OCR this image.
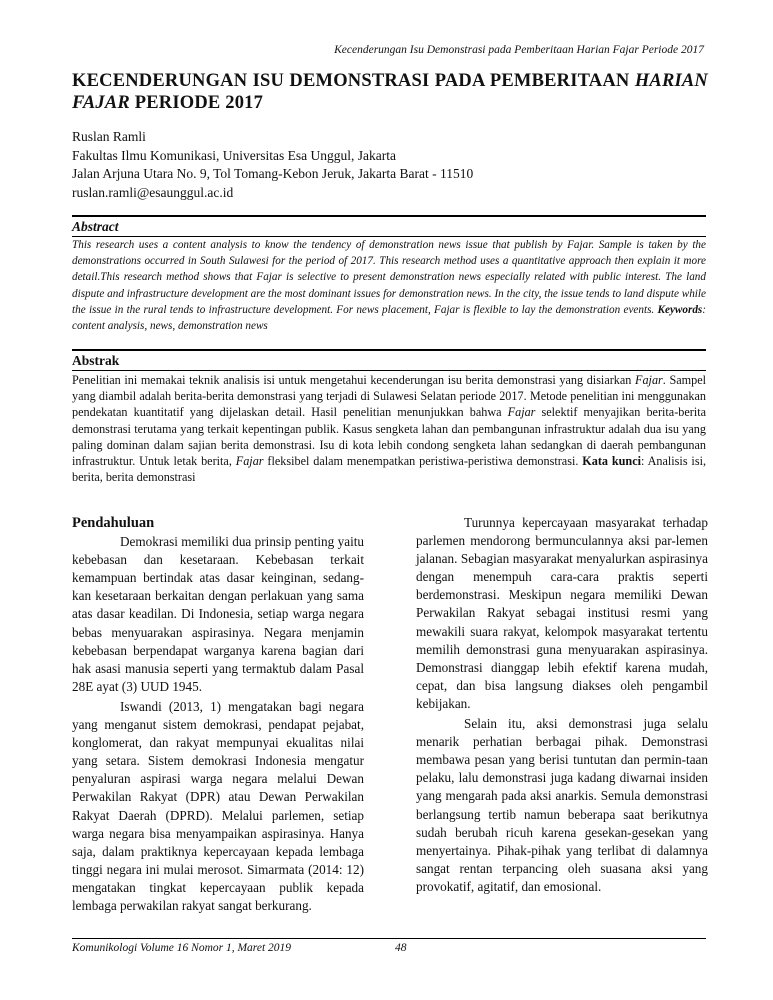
Kecenderungan Isu Demonstrasi pada Pemberitaan Harian Fajar Periode 2017
KECENDERUNGAN ISU DEMONSTRASI PADA PEMBERITAAN HARIAN FAJAR PERIODE 2017
Ruslan Ramli
Fakultas Ilmu Komunikasi, Universitas Esa Unggul, Jakarta
Jalan Arjuna Utara No. 9, Tol Tomang-Kebon Jeruk, Jakarta Barat - 11510
ruslan.ramli@esaunggul.ac.id
Abstract
This research uses a content analysis to know the tendency of demonstration news issue that publish by Fajar. Sample is taken by the demonstrations occurred in South Sulawesi for the period of 2017. This research method uses a quantitative approach then explain it more detail.This research method shows that Fajar is selective to present demonstration news especially related with public interest. The land dispute and infrastructure development are the most dominant issues for demonstration news. In the city, the issue tends to land dispute while the issue in the rural tends to infrastructure development. For news placement, Fajar is flexible to lay the demonstration events. Keywords: content analysis, news, demonstration news
Abstrak
Penelitian ini memakai teknik analisis isi untuk mengetahui kecenderungan isu berita demonstrasi yang disiarkan Fajar. Sampel yang diambil adalah berita-berita demonstrasi yang terjadi di Sulawesi Selatan periode 2017. Metode penelitian ini menggunakan pendekatan kuantitatif yang dijelaskan detail. Hasil penelitian menunjukkan bahwa Fajar selektif menyajikan berita-berita demonstrasi terutama yang terkait kepentingan publik. Kasus sengketa lahan dan pembangunan infrastruktur adalah dua isu yang paling dominan dalam sajian berita demonstrasi. Isu di kota lebih condong sengketa lahan sedangkan di daerah pembangunan infrastruktur. Untuk letak berita, Fajar fleksibel dalam menempatkan peristiwa-peristiwa demonstrasi. Kata kunci: Analisis isi, berita, berita demonstrasi
Pendahuluan

Demokrasi memiliki dua prinsip penting yaitu kebebasan dan kesetaraan. Kebebasan terkait kemampuan bertindak atas dasar keinginan, sedang-kan kesetaraan berkaitan dengan perlakuan yang sama atas dasar keadilan. Di Indonesia, setiap warga negara bebas menyuarakan aspirasinya. Negara menjamin kebebasan berpendapat warganya karena bagian dari hak asasi manusia seperti yang termaktub dalam Pasal 28E ayat (3) UUD 1945.

Iswandi (2013, 1) mengatakan bagi negara yang menganut sistem demokrasi, pendapat pejabat, konglomerat, dan rakyat mempunyai ekualitas nilai yang setara. Sistem demokrasi Indonesia mengatur penyaluran aspirasi warga negara melalui Dewan Perwakilan Rakyat (DPR) atau Dewan Perwakilan Rakyat Daerah (DPRD). Melalui parlemen, setiap warga negara bisa menyampaikan aspirasinya. Hanya saja, dalam praktiknya kepercayaan kepada lembaga tinggi negara ini mulai merosot. Simarmata (2014: 12) mengatakan tingkat kepercayaan publik kepada lembaga perwakilan rakyat sangat berkurang.

Turunnya kepercayaan masyarakat terhadap parlemen mendorong bermunculannya aksi par-lemen jalanan. Sebagian masyarakat menyalurkan aspirasinya dengan menempuh cara-cara praktis seperti berdemonstrasi. Meskipun negara memiliki Dewan Perwakilan Rakyat sebagai institusi resmi yang mewakili suara rakyat, kelompok masyarakat tertentu memilih demonstrasi guna menyuarakan aspirasinya. Demonstrasi dianggap lebih efektif karena mudah, cepat, dan bisa langsung diakses oleh pengambil kebijakan.

Selain itu, aksi demonstrasi juga selalu menarik perhatian berbagai pihak. Demonstrasi membawa pesan yang berisi tuntutan dan permin-taan pelaku, lalu demonstrasi juga kadang diwarnai insiden yang mengarah pada aksi anarkis. Semula demonstrasi berlangsung tertib namun beberapa saat berikutnya sudah berubah ricuh karena gesekan-gesekan yang menyertainya. Pihak-pihak yang terlibat di dalamnya sangat rentan terpancing oleh suasana aksi yang provokatif, agitatif, dan emosional.

Komunikologi Volume 16 Nomor 1, Maret 2019	48
